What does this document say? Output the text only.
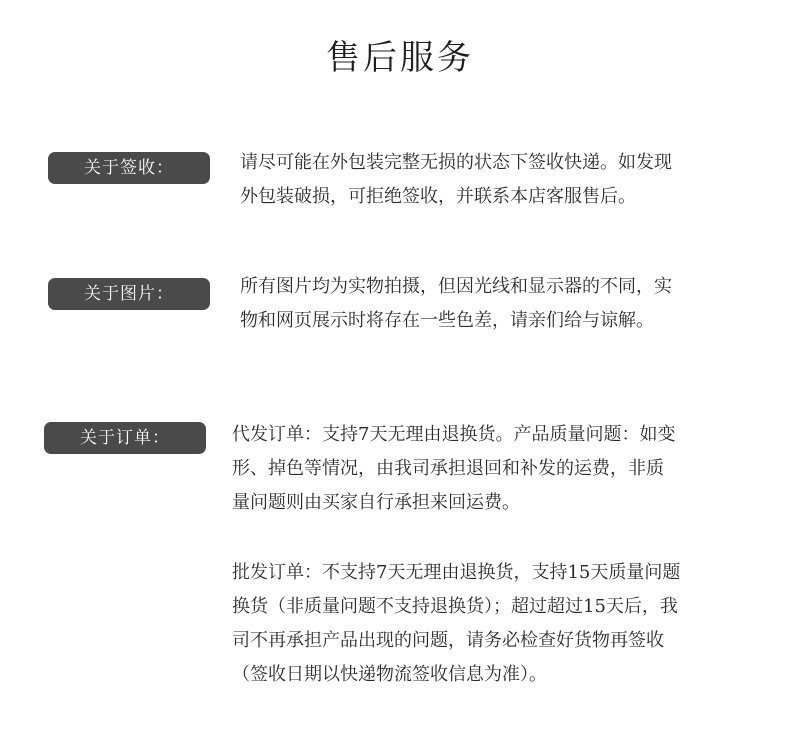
售后服务
关于签收：	请尽可能在外包装完整无损的状态下签收快递。如发现
外包装破损，可拒绝签收，并联系本店客服售后。
关于图片：	所有图片均为实物拍摄，但因光线和显示器的不同，实
物和网页展示时将存在一些色差，请亲们给与谅解。
关于订单：	代发订单：支持7天无理由退换货。产品质量问题：如变
形、掉色等情况，由我司承担退回和补发的运费，非质
量问题则由买家自行承担来回运费。
批发订单：不支持7天无理由退换货，支持15天质量问题
换货（非质量问题不支持退换货）；超过超过15天后，我
司不再承担产品出现的问题，请务必检查好货物再签收
（签收日期以快递物流签收信息为准）。
